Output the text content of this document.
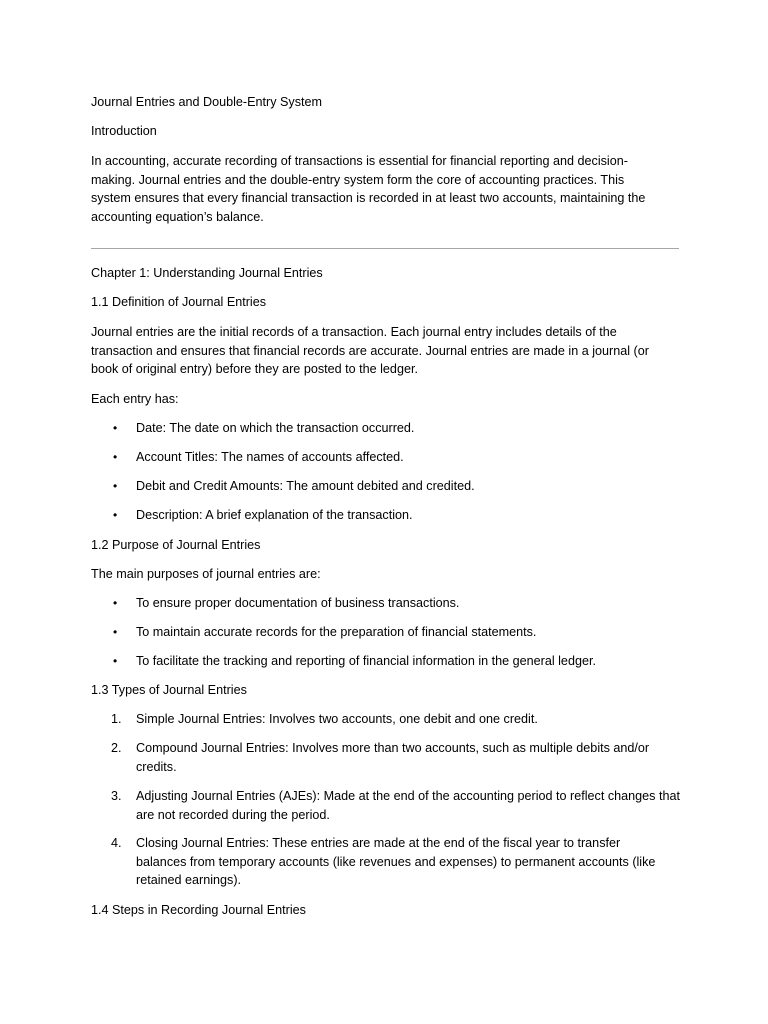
Journal Entries and Double-Entry System
Introduction
In accounting, accurate recording of transactions is essential for financial reporting and decision-making. Journal entries and the double-entry system form the core of accounting practices. This system ensures that every financial transaction is recorded in at least two accounts, maintaining the accounting equation’s balance.
Chapter 1: Understanding Journal Entries
1.1 Definition of Journal Entries
Journal entries are the initial records of a transaction. Each journal entry includes details of the transaction and ensures that financial records are accurate. Journal entries are made in a journal (or book of original entry) before they are posted to the ledger.
Each entry has:
• Date: The date on which the transaction occurred.
• Account Titles: The names of accounts affected.
• Debit and Credit Amounts: The amount debited and credited.
• Description: A brief explanation of the transaction.
1.2 Purpose of Journal Entries
The main purposes of journal entries are:
• To ensure proper documentation of business transactions.
• To maintain accurate records for the preparation of financial statements.
• To facilitate the tracking and reporting of financial information in the general ledger.
1.3 Types of Journal Entries
1. Simple Journal Entries: Involves two accounts, one debit and one credit.
2. Compound Journal Entries: Involves more than two accounts, such as multiple debits and/or credits.
3. Adjusting Journal Entries (AJEs): Made at the end of the accounting period to reflect changes that are not recorded during the period.
4. Closing Journal Entries: These entries are made at the end of the fiscal year to transfer balances from temporary accounts (like revenues and expenses) to permanent accounts (like retained earnings).
1.4 Steps in Recording Journal Entries
